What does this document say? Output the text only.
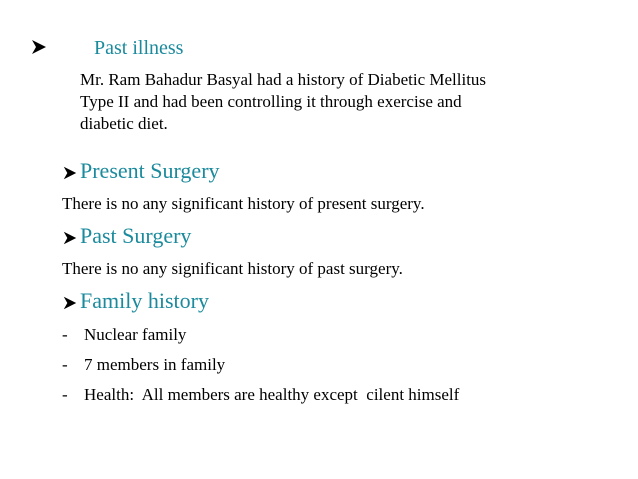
Past illness
Mr. Ram Bahadur Basyal had a history of Diabetic Mellitus
Type II and had been controlling it through exercise and
diabetic diet.
Present Surgery
There is no any significant history of present surgery.
Past Surgery
There is no any significant history of past surgery.
Family history
- Nuclear family
- 7 members in family
- Health:  All members are healthy except  cilent himself
